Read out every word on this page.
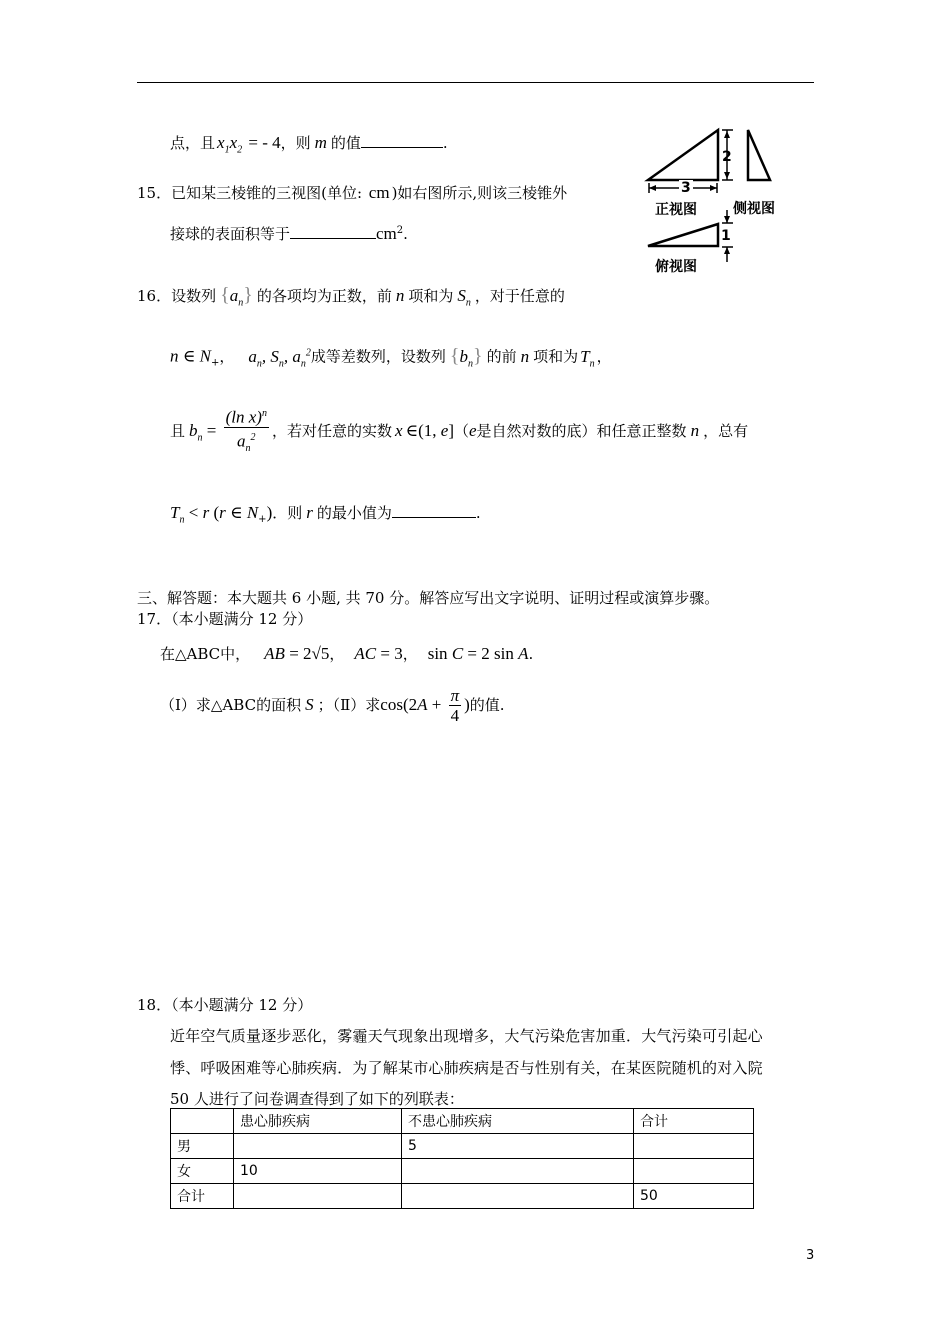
点，且 $x_1x_2$ = - 4，则 m 的值	.
15．已知某三棱锥的三视图(单位: cm )如右图所示,则该三棱锥外
接球的表面积等于	$cm^2$.
3
2
1
正视图	侧视图
俯视图
16．设数列 $\{a_n\}$ 的各项均为正数，前 n 项和为 $S_n$ ，对于任意的
n ∈ $N_+$， $a_n$, $S_n$, $a_n^2$成等差数列，设数列 $\{b_n\}$ 的前 n 项和为 $T_n$ ，
且 $b_n = \frac{(\ln x)^n}{a_n^2}$ ，若对任意的实数 x ∈(1, e]（e是自然对数的底）和任意正整数 n ，总有
$T_n < r$ (r ∈ $N_+$)．则 r 的最小值为	.
三、解答题：本大题共 6 小题, 共 70 分。解答应写出文字说明、证明过程或演算步骤。
17．（本小题满分 12 分）
在△ABC中， AB = 2√5， AC = 3， sin C = 2 sin A.
（Ⅰ）求△ABC的面积 S ；（Ⅱ）求$\cos(2A + \frac{\pi}{4}$ )的值.
18．（本小题满分 12 分）
近年空气质量逐步恶化，雾霾天气现象出现增多，大气污染危害加重．大气污染可引起心
悸、呼吸困难等心肺疾病．为了解某市心肺疾病是否与性别有关，在某医院随机的对入院
50 人进行了问卷调查得到了如下的列联表：
	患心肺疾病	不患心肺疾病	合计
男		5	
女	10		
合计			50
3
